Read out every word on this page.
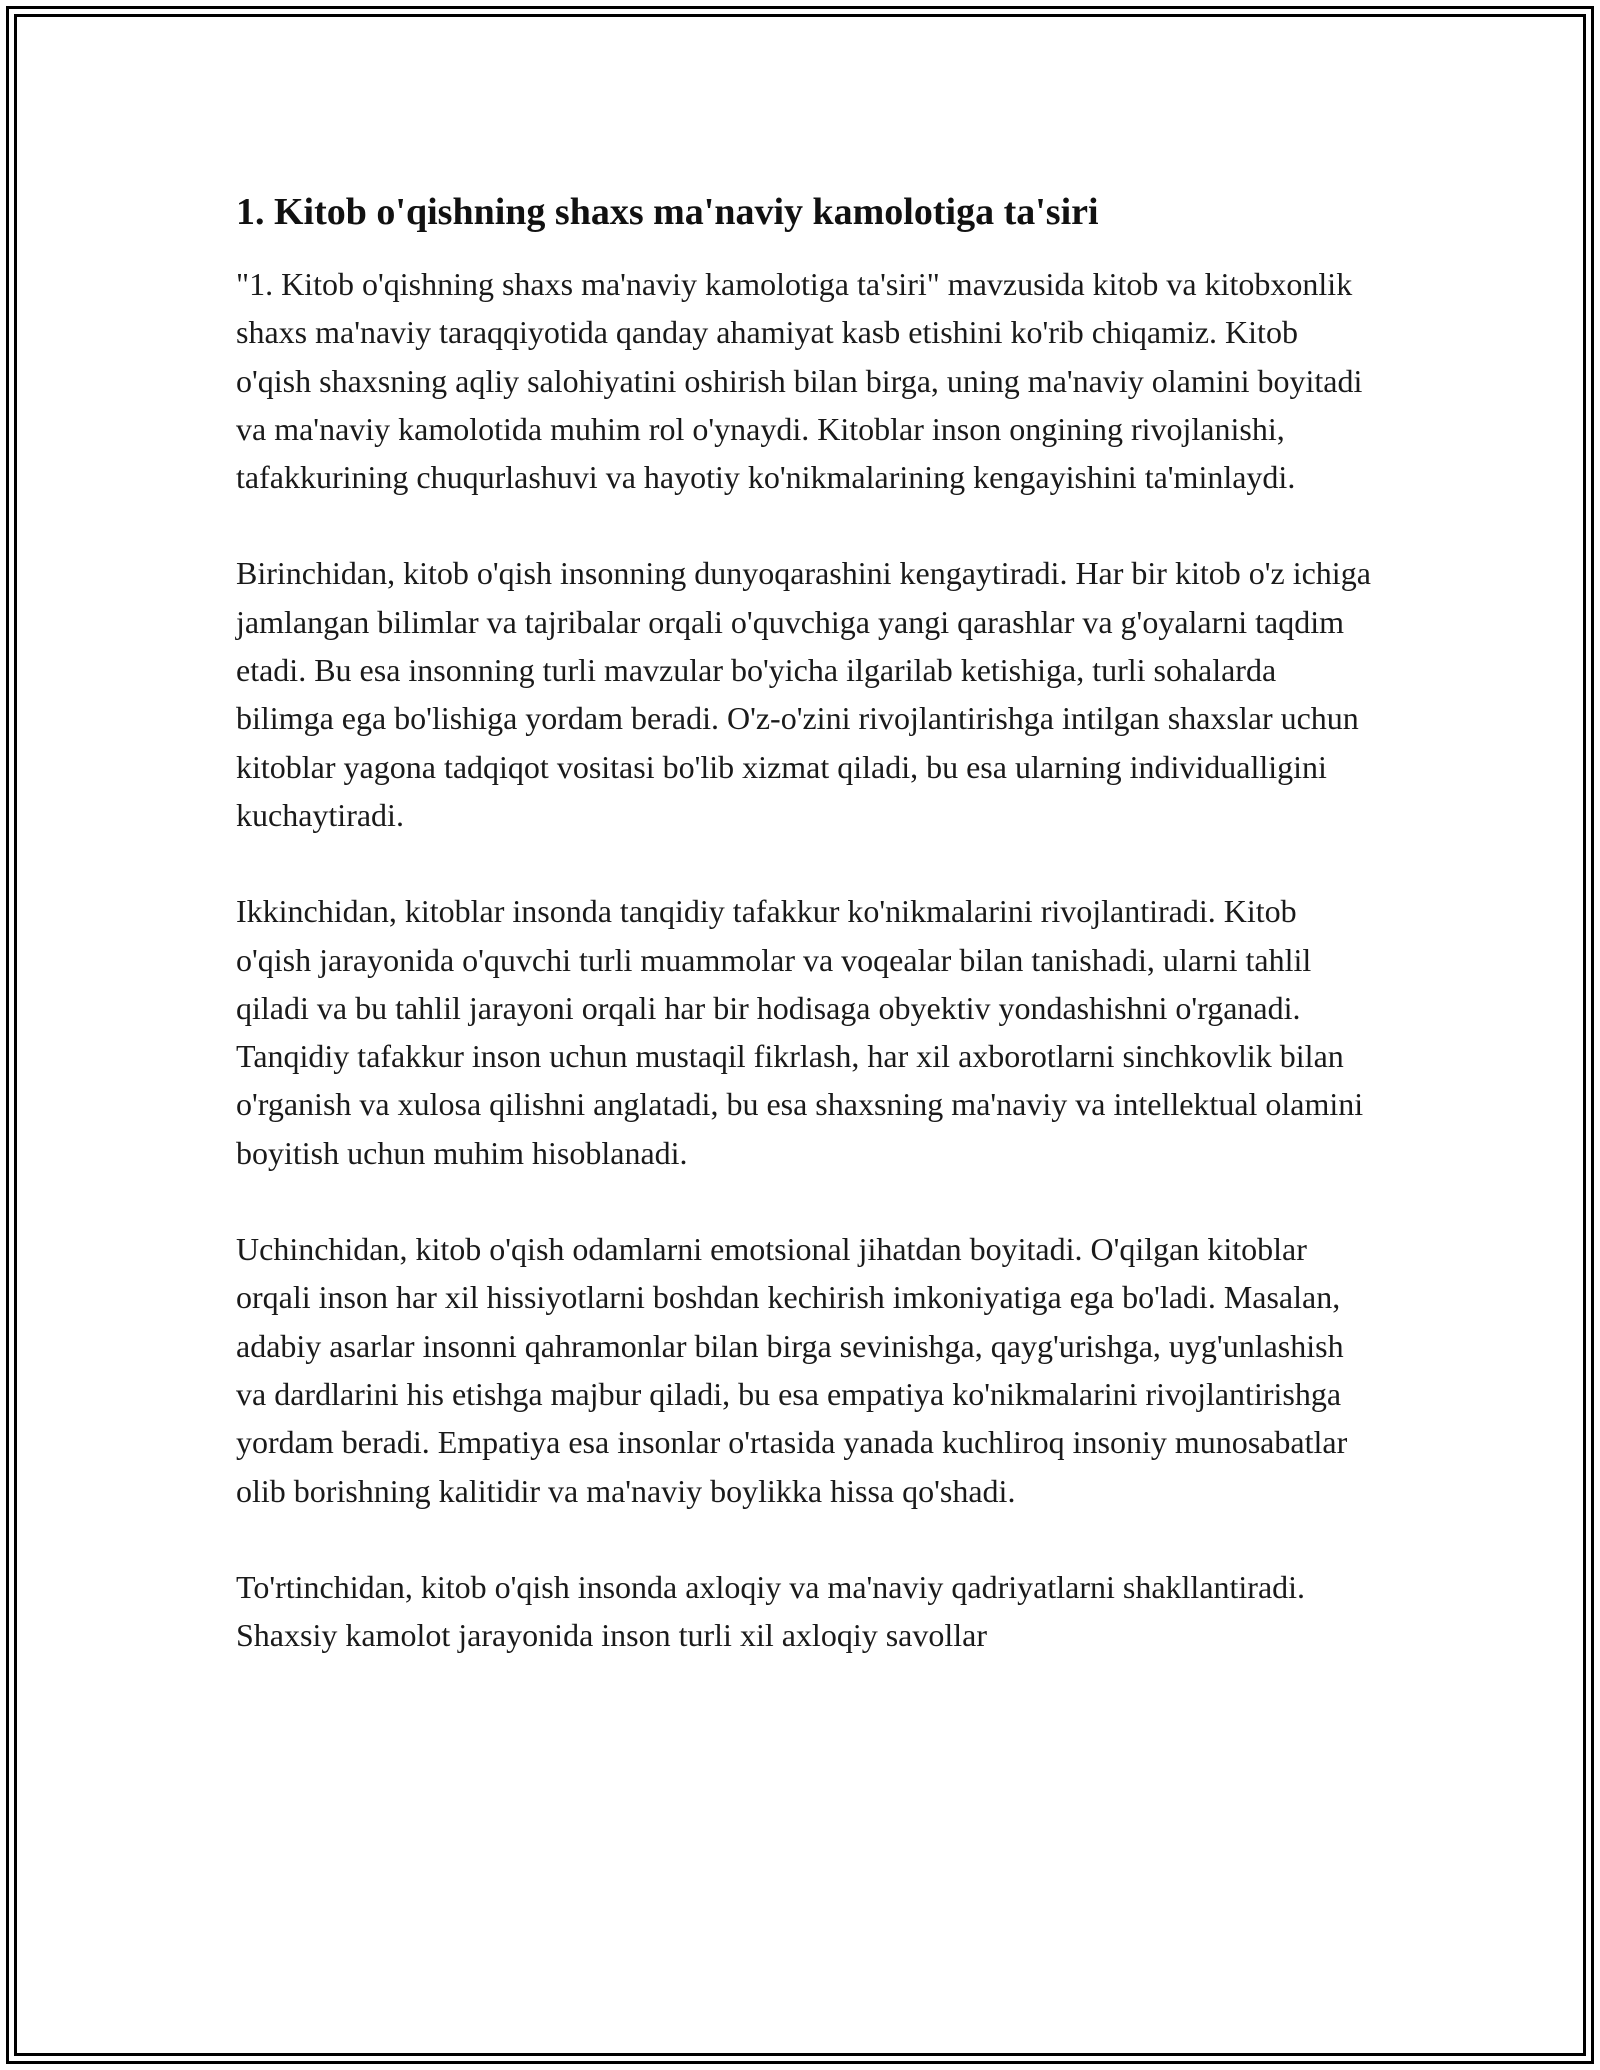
1. Kitob o'qishning shaxs ma'naviy kamolotiga ta'siri

"1. Kitob o'qishning shaxs ma'naviy kamolotiga ta'siri" mavzusida kitob va kitobxonlik shaxs ma'naviy taraqqiyotida qanday ahamiyat kasb etishini ko'rib chiqamiz. Kitob o'qish shaxsning aqliy salohiyatini oshirish bilan birga, uning ma'naviy olamini boyitadi va ma'naviy kamolotida muhim rol o'ynaydi. Kitoblar inson ongining rivojlanishi, tafakkurining chuqurlashuvi va hayotiy ko'nikmalarining kengayishini ta'minlaydi.

Birinchidan, kitob o'qish insonning dunyoqarashini kengaytiradi. Har bir kitob o'z ichiga jamlangan bilimlar va tajribalar orqali o'quvchiga yangi qarashlar va g'oyalarni taqdim etadi. Bu esa insonning turli mavzular bo'yicha ilgarilab ketishiga, turli sohalarda bilimga ega bo'lishiga yordam beradi. O'z-o'zini rivojlantirishga intilgan shaxslar uchun kitoblar yagona tadqiqot vositasi bo'lib xizmat qiladi, bu esa ularning individualligini kuchaytiradi.

Ikkinchidan, kitoblar insonda tanqidiy tafakkur ko'nikmalarini rivojlantiradi. Kitob o'qish jarayonida o'quvchi turli muammolar va voqealar bilan tanishadi, ularni tahlil qiladi va bu tahlil jarayoni orqali har bir hodisaga obyektiv yondashishni o'rganadi. Tanqidiy tafakkur inson uchun mustaqil fikrlash, har xil axborotlarni sinchkovlik bilan o'rganish va xulosa qilishni anglatadi, bu esa shaxsning ma'naviy va intellektual olamini boyitish uchun muhim hisoblanadi.

Uchinchidan, kitob o'qish odamlarni emotsional jihatdan boyitadi. O'qilgan kitoblar orqali inson har xil hissiyotlarni boshdan kechirish imkoniyatiga ega bo'ladi. Masalan, adabiy asarlar insonni qahramonlar bilan birga sevinishga, qayg'urishga, uyg'unlashish va dardlarini his etishga majbur qiladi, bu esa empatiya ko'nikmalarini rivojlantirishga yordam beradi. Empatiya esa insonlar o'rtasida yanada kuchliroq insoniy munosabatlar olib borishning kalitidir va ma'naviy boylikka hissa qo'shadi.

To'rtinchidan, kitob o'qish insonda axloqiy va ma'naviy qadriyatlarni shakllantiradi. Shaxsiy kamolot jarayonida inson turli xil axloqiy savollar
